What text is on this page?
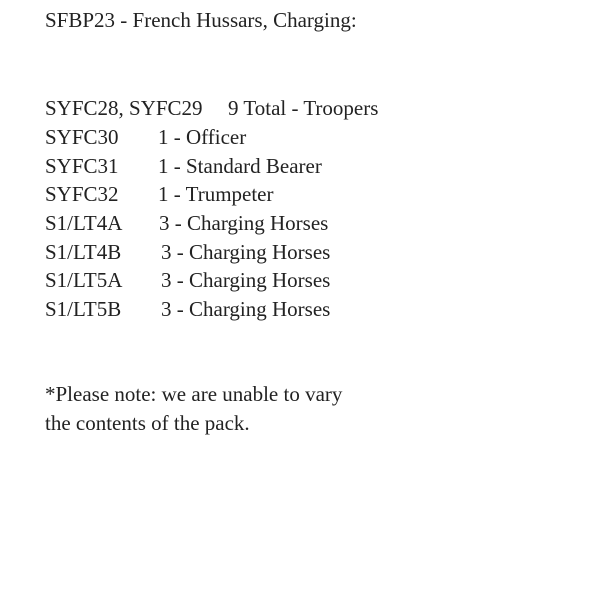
SFBP23 - French Hussars, Charging:
SYFC28, SYFC29 9 Total - Troopers
SYFC30 1 - Officer
SYFC31 1 - Standard Bearer
SYFC32 1 - Trumpeter
S1/LT4A 3 - Charging Horses
S1/LT4B 3 - Charging Horses
S1/LT5A 3 - Charging Horses
S1/LT5B 3 - Charging Horses
*Please note: we are unable to vary
the contents of the pack.
